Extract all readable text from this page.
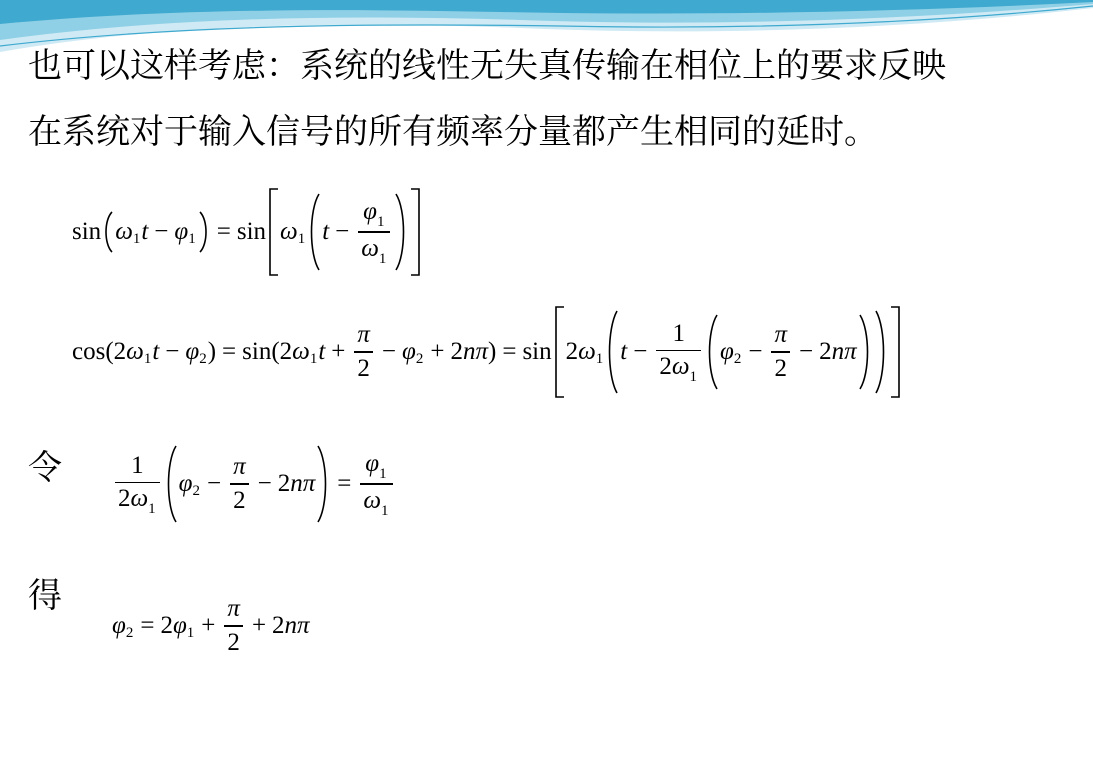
也可以这样考虑：系统的线性无失真传输在相位上的要求反映
在系统对于输入信号的所有频率分量都产生相同的延时。
sin ω 1 t − φ 1 = sin ω 1 $t - \frac{\varphi 1}{\omega 1}$
cos ( 2 ω 1 t − φ 2 ) = sin ( 2 ω 1 $t + \frac{\pi}{2} - \varphi$ 2 + 2 n π ) = sin 2 ω 1 $t - \frac{1}{2 \omega 1}$ φ $2 - \frac{\pi}{2} - 2$ n π
令 $\frac{1}{2 \omega 1}$ φ $2 - \frac{\pi}{2} - 2$ n $\pi = \frac{\varphi 1}{\omega 1}$
得
φ 2 = 2 φ $1 + \frac{\pi}{2} + 2$ n π
